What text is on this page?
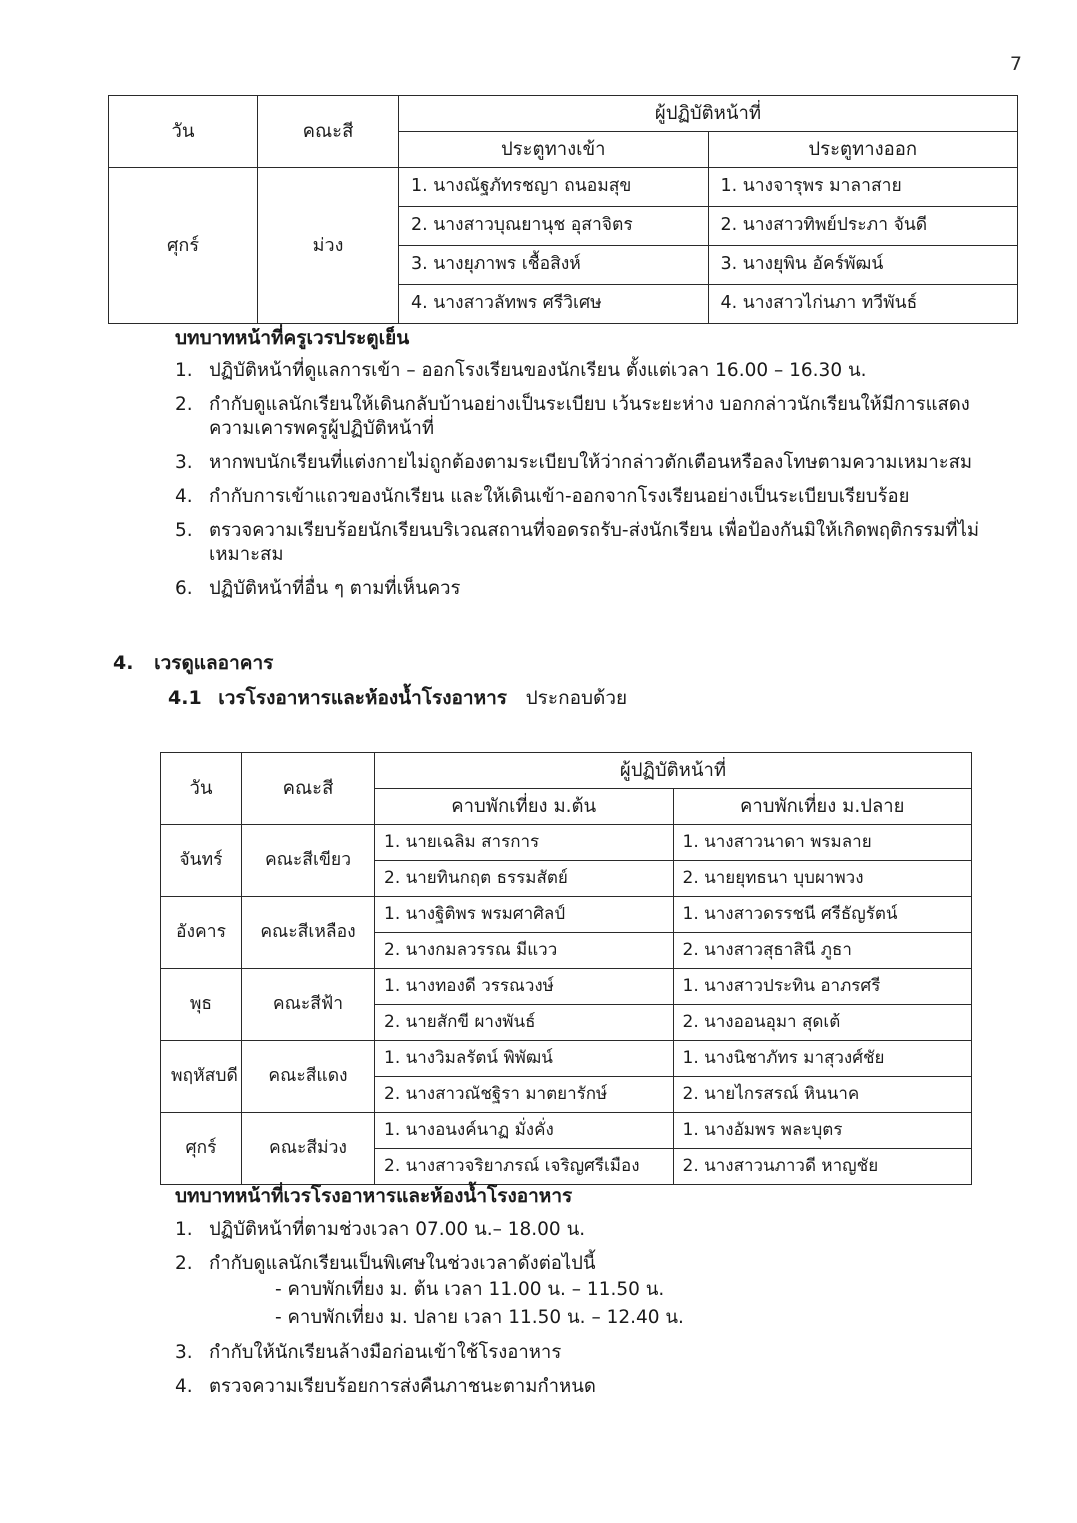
7
วัน	คณะสี	ผู้ปฏิบัติหน้าที่	

		ประตูทางเข้า	ประตูทางออก

ศุกร์	ม่วง	1. นางณัฐภัทรชญา ถนอมสุข	1. นางจารุพร มาลาสาย

		2. นางสาวบุณยานุช อุสาจิตร	2. นางสาวทิพย์ประภา จันดี

		3. นางยุภาพร เชื้อสิงห์	3. นางยุพิน อัคร์พัฒน์

		4. นางสาวลัทพร ศรีวิเศษ	4. นางสาวไก่นภา ทวีพันธ์
บทบาทหน้าที่ครูเวรประตูเย็น
1. ปฏิบัติหน้าที่ดูแลการเข้า – ออกโรงเรียนของนักเรียน ตั้งแต่เวลา 16.00 – 16.30 น.
2. กำกับดูแลนักเรียนให้เดินกลับบ้านอย่างเป็นระเบียบ เว้นระยะห่าง บอกกล่าวนักเรียนให้มีการแสดงความเคารพครูผู้ปฏิบัติหน้าที่
3. หากพบนักเรียนที่แต่งกายไม่ถูกต้องตามระเบียบให้ว่ากล่าวตักเตือนหรือลงโทษตามความเหมาะสม
4. กำกับการเข้าแถวของนักเรียน และให้เดินเข้า-ออกจากโรงเรียนอย่างเป็นระเบียบเรียบร้อย
5. ตรวจความเรียบร้อยนักเรียนบริเวณสถานที่จอดรถรับ-ส่งนักเรียน เพื่อป้องกันมิให้เกิดพฤติกรรมที่ไม่เหมาะสม
6. ปฏิบัติหน้าที่อื่น ๆ ตามที่เห็นควร
4. เวรดูแลอาคาร
4.1 เวรโรงอาหารและห้องน้ำโรงอาหาร ประกอบด้วย
วัน	คณะสี	ผู้ปฏิบัติหน้าที่	

		คาบพักเที่ยง ม.ต้น	คาบพักเที่ยง ม.ปลาย

จันทร์	คณะสีเขียว	1. นายเฉลิม สารการ	1. นางสาวนาดา พรมลาย

		2. นายทินกฤต ธรรมสัตย์	2. นายยุทธนา บุบผาพวง

อังคาร	คณะสีเหลือง	1. นางฐิติพร พรมศาศิลป์	1. นางสาวดรรชนี ศรีธัญรัตน์

		2. นางกมลวรรณ มีแวว	2. นางสาวสุธาสินี ภูธา

พุธ	คณะสีฟ้า	1. นางทองดี วรรณวงษ์	1. นางสาวประทิน อาภรศรี

		2. นายสักขี ผางพันธ์	2. นางออนอุมา สุดเต้

พฤหัสบดี	คณะสีแดง	1. นางวิมลรัตน์ พิพัฒน์	1. นางนิชาภัทร มาสุวงศ์ชัย

		2. นางสาวณัชฐิรา มาตยารักษ์	2. นายไกรสรณ์ หินนาค

ศุกร์	คณะสีม่วง	1. นางอนงค์นาฏ มั่งคั่ง	1. นางอัมพร พละบุตร

		2. นางสาวจริยาภรณ์ เจริญศรีเมือง	2. นางสาวนภาวดี หาญชัย
บทบาทหน้าที่เวรโรงอาหารและห้องน้ำโรงอาหาร
1. ปฏิบัติหน้าที่ตามช่วงเวลา 07.00 น.– 18.00 น.
2. กำกับดูแลนักเรียนเป็นพิเศษในช่วงเวลาดังต่อไปนี้
- คาบพักเที่ยง ม. ต้น เวลา 11.00 น. – 11.50 น.
- คาบพักเที่ยง ม. ปลาย เวลา 11.50 น. – 12.40 น.
3. กำกับให้นักเรียนล้างมือก่อนเข้าใช้โรงอาหาร
4. ตรวจความเรียบร้อยการส่งคืนภาชนะตามกำหนด
